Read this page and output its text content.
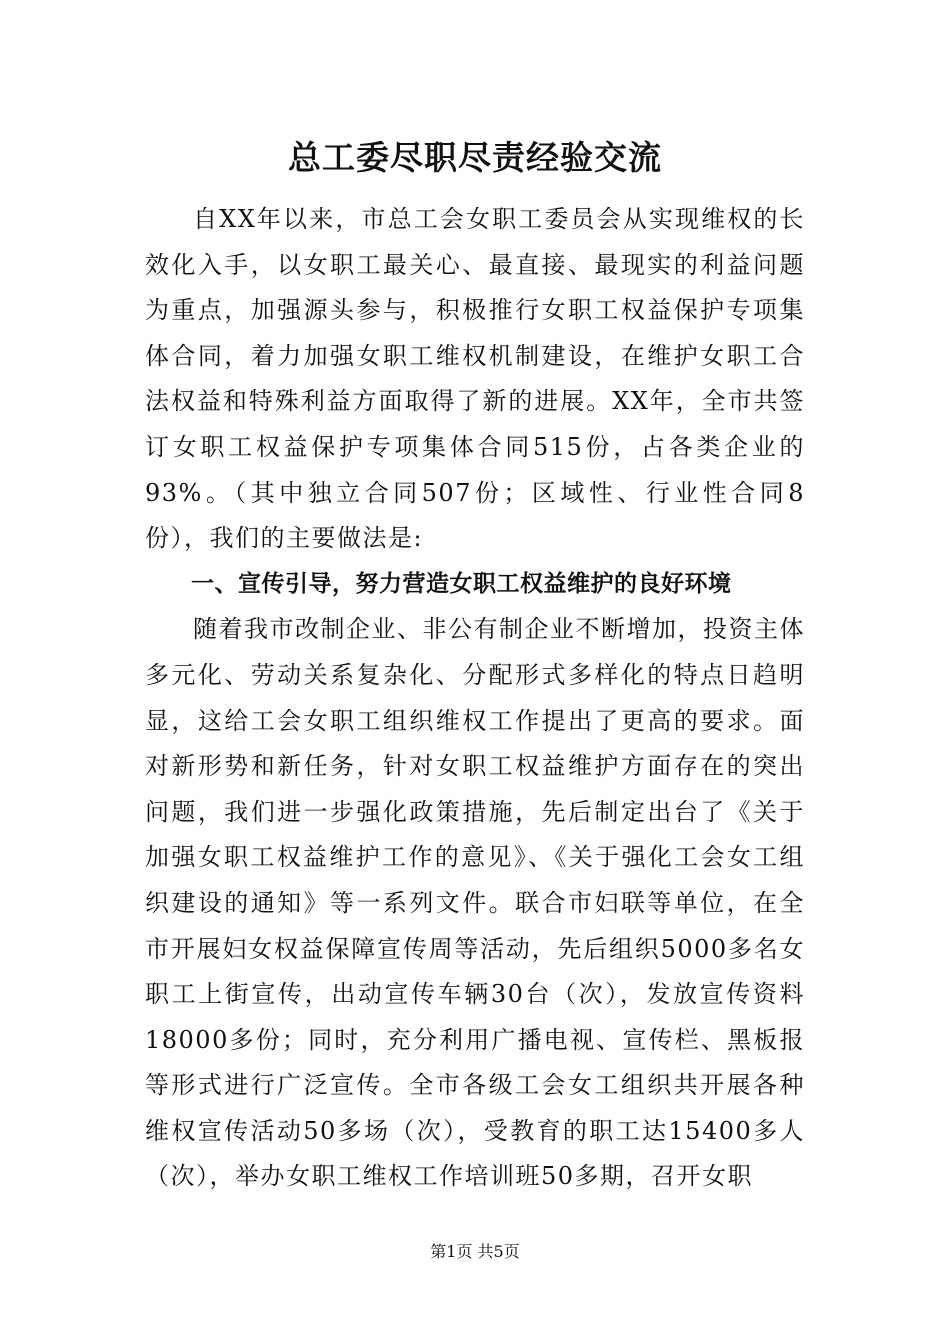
总工委尽职尽责经验交流

自XX年以来，市总工会女职工委员会从实现维权的长效化入手，以女职工最关心、最直接、最现实的利益问题为重点，加强源头参与，积极推行女职工权益保护专项集体合同，着力加强女职工维权机制建设，在维护女职工合法权益和特殊利益方面取得了新的进展。XX年，全市共签订女职工权益保护专项集体合同515份，占各类企业的93%。（其中独立合同507份；区域性、行业性合同8份），我们的主要做法是:

一、宣传引导，努力营造女职工权益维护的良好环境

随着我市改制企业、非公有制企业不断增加，投资主体多元化、劳动关系复杂化、分配形式多样化的特点日趋明显，这给工会女职工组织维权工作提出了更高的要求。面对新形势和新任务，针对女职工权益维护方面存在的突出问题，我们进一步强化政策措施，先后制定出台了《关于加强女职工权益维护工作的意见》、《关于强化工会女工组织建设的通知》等一系列文件。联合市妇联等单位，在全市开展妇女权益保障宣传周等活动，先后组织5000多名女职工上街宣传，出动宣传车辆30台（次），发放宣传资料18000多份；同时，充分利用广播电视、宣传栏、黑板报等形式进行广泛宣传。全市各级工会女工组织共开展各种维权宣传活动50多场（次），受教育的职工达15400多人（次），举办女职工维权工作培训班50多期，召开女职

第1页 共5页
